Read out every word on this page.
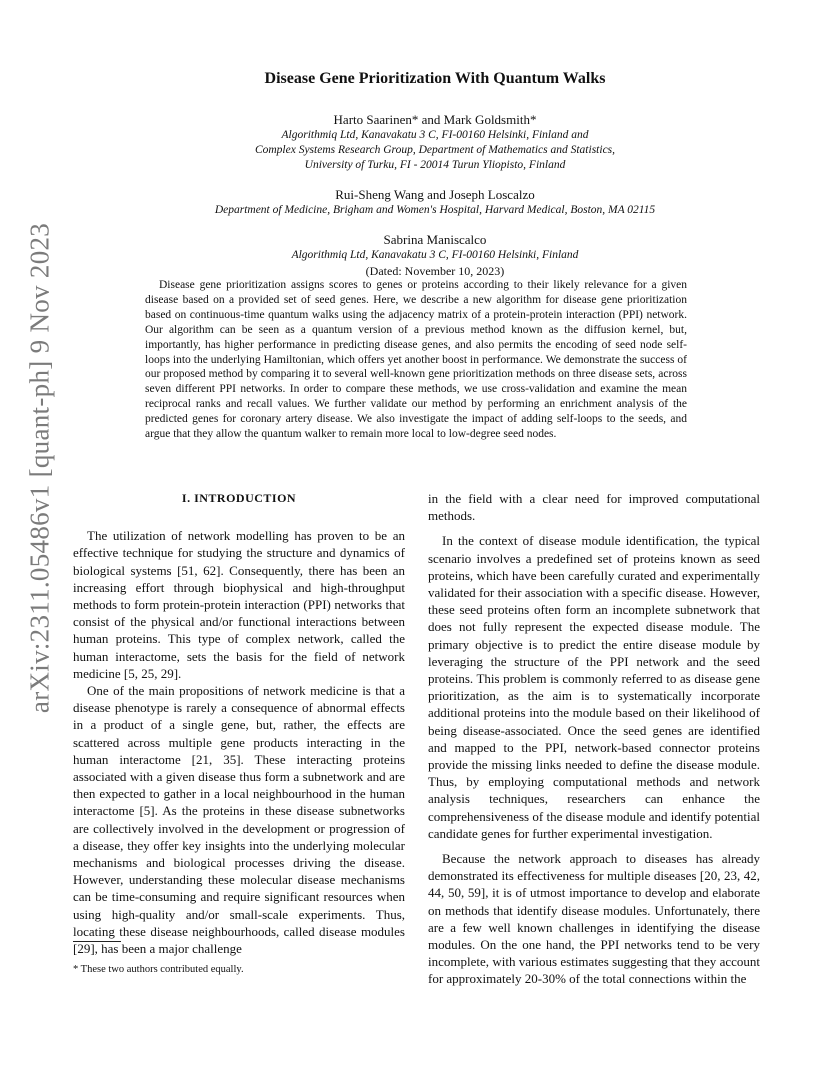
arXiv:2311.05486v1 [quant-ph] 9 Nov 2023
Disease Gene Prioritization With Quantum Walks
Harto Saarinen* and Mark Goldsmith*
Algorithmiq Ltd, Kanavakatu 3 C, FI-00160 Helsinki, Finland and
Complex Systems Research Group, Department of Mathematics and Statistics,
University of Turku, FI - 20014 Turun Yliopisto, Finland
Rui-Sheng Wang and Joseph Loscalzo
Department of Medicine, Brigham and Women's Hospital, Harvard Medical, Boston, MA 02115
Sabrina Maniscalco
Algorithmiq Ltd, Kanavakatu 3 C, FI-00160 Helsinki, Finland
(Dated: November 10, 2023)

Disease gene prioritization assigns scores to genes or proteins according to their likely relevance for a given disease based on a provided set of seed genes. Here, we describe a new algorithm for disease gene prioritization based on continuous-time quantum walks using the adjacency matrix of a protein-protein interaction (PPI) network. Our algorithm can be seen as a quantum version of a previous method known as the diffusion kernel, but, importantly, has higher performance in predicting disease genes, and also permits the encoding of seed node self-loops into the underlying Hamiltonian, which offers yet another boost in performance. We demonstrate the success of our proposed method by comparing it to several well-known gene prioritization methods on three disease sets, across seven different PPI networks. In order to compare these methods, we use cross-validation and examine the mean reciprocal ranks and recall values. We further validate our method by performing an enrichment analysis of the predicted genes for coronary artery disease. We also investigate the impact of adding self-loops to the seeds, and argue that they allow the quantum walker to remain more local to low-degree seed nodes.

I. INTRODUCTION

The utilization of network modelling has proven to be an effective technique for studying the structure and dynamics of biological systems [51, 62]. Consequently, there has been an increasing effort through biophysical and high-throughput methods to form protein-protein interaction (PPI) networks that consist of the physical and/or functional interactions between human proteins. This type of complex network, called the human interactome, sets the basis for the field of network medicine [5, 25, 29].

One of the main propositions of network medicine is that a disease phenotype is rarely a consequence of abnormal effects in a product of a single gene, but, rather, the effects are scattered across multiple gene products interacting in the human interactome [21, 35]. These interacting proteins associated with a given disease thus form a subnetwork and are then expected to gather in a local neighbourhood in the human interactome [5]. As the proteins in these disease subnetworks are collectively involved in the development or progression of a disease, they offer key insights into the underlying molecular mechanisms and biological processes driving the disease. However, understanding these molecular disease mechanisms can be time-consuming and require significant resources when using high-quality and/or small-scale experiments. Thus, locating these disease neighbourhoods, called disease modules [29], has been a major challenge

in the field with a clear need for improved computational methods.

In the context of disease module identification, the typical scenario involves a predefined set of proteins known as seed proteins, which have been carefully curated and experimentally validated for their association with a specific disease. However, these seed proteins often form an incomplete subnetwork that does not fully represent the expected disease module. The primary objective is to predict the entire disease module by leveraging the structure of the PPI network and the seed proteins. This problem is commonly referred to as disease gene prioritization, as the aim is to systematically incorporate additional proteins into the module based on their likelihood of being disease-associated. Once the seed genes are identified and mapped to the PPI, network-based connector proteins provide the missing links needed to define the disease module. Thus, by employing computational methods and network analysis techniques, researchers can enhance the comprehensiveness of the disease module and identify potential candidate genes for further experimental investigation.

Because the network approach to diseases has already demonstrated its effectiveness for multiple diseases [20, 23, 42, 44, 50, 59], it is of utmost importance to develop and elaborate on methods that identify disease modules. Unfortunately, there are a few well known challenges in identifying the disease modules. On the one hand, the PPI networks tend to be very incomplete, with various estimates suggesting that they account for approximately 20-30% of the total connections within the

* These two authors contributed equally.
